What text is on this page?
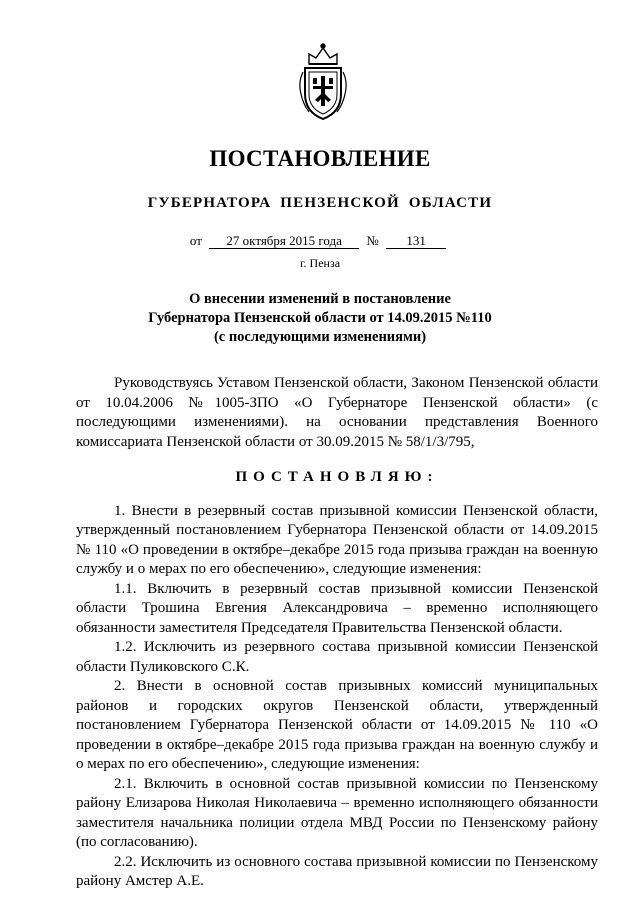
ПОСТАНОВЛЕНИЕ
ГУБЕРНАТОРА ПЕНЗЕНСКОЙ ОБЛАСТИ
от 27 октября 2015 года № 131
г. Пенза
О внесении изменений в постановление
Губернатора Пензенской области от 14.09.2015 №110
(с последующими изменениями)

Руководствуясь Уставом Пензенской области, Законом Пензенской области от 10.04.2006 №1005-ЗПО «О Губернаторе Пензенской области» (с последующими изменениями). на основании представления Военного комиссариата Пензенской области от 30.09.2015 № 58/1/3/795,

ПОСТАНОВЛЯЮ:

1. Внести в резервный состав призывной комиссии Пензенской области, утвержденный постановлением Губернатора Пензенской области от 14.09.2015 № 110 «О проведении в октябре–декабре 2015 года призыва граждан на военную службу и о мерах по его обеспечению», следующие изменения:

1.1. Включить в резервный состав призывной комиссии Пензенской области Трошина Евгения Александровича – временно исполняющего обязанности заместителя Председателя Правительства Пензенской области.

1.2. Исключить из резервного состава призывной комиссии Пензенской области Пуликовского С.К.

2. Внести в основной состав призывных комиссий муниципальных районов и городских округов Пензенской области, утвержденный постановлением Губернатора Пензенской области от 14.09.2015 № 110 «О проведении в октябре–декабре 2015 года призыва граждан на военную службу и о мерах по его обеспечению», следующие изменения:

2.1. Включить в основной состав призывной комиссии по Пензенскому району Елизарова Николая Николаевича – временно исполняющего обязанности заместителя начальника полиции отдела МВД России по Пензенскому району (по согласованию).

2.2. Исключить из основного состава призывной комиссии по Пензенскому району Амстер А.Е.
